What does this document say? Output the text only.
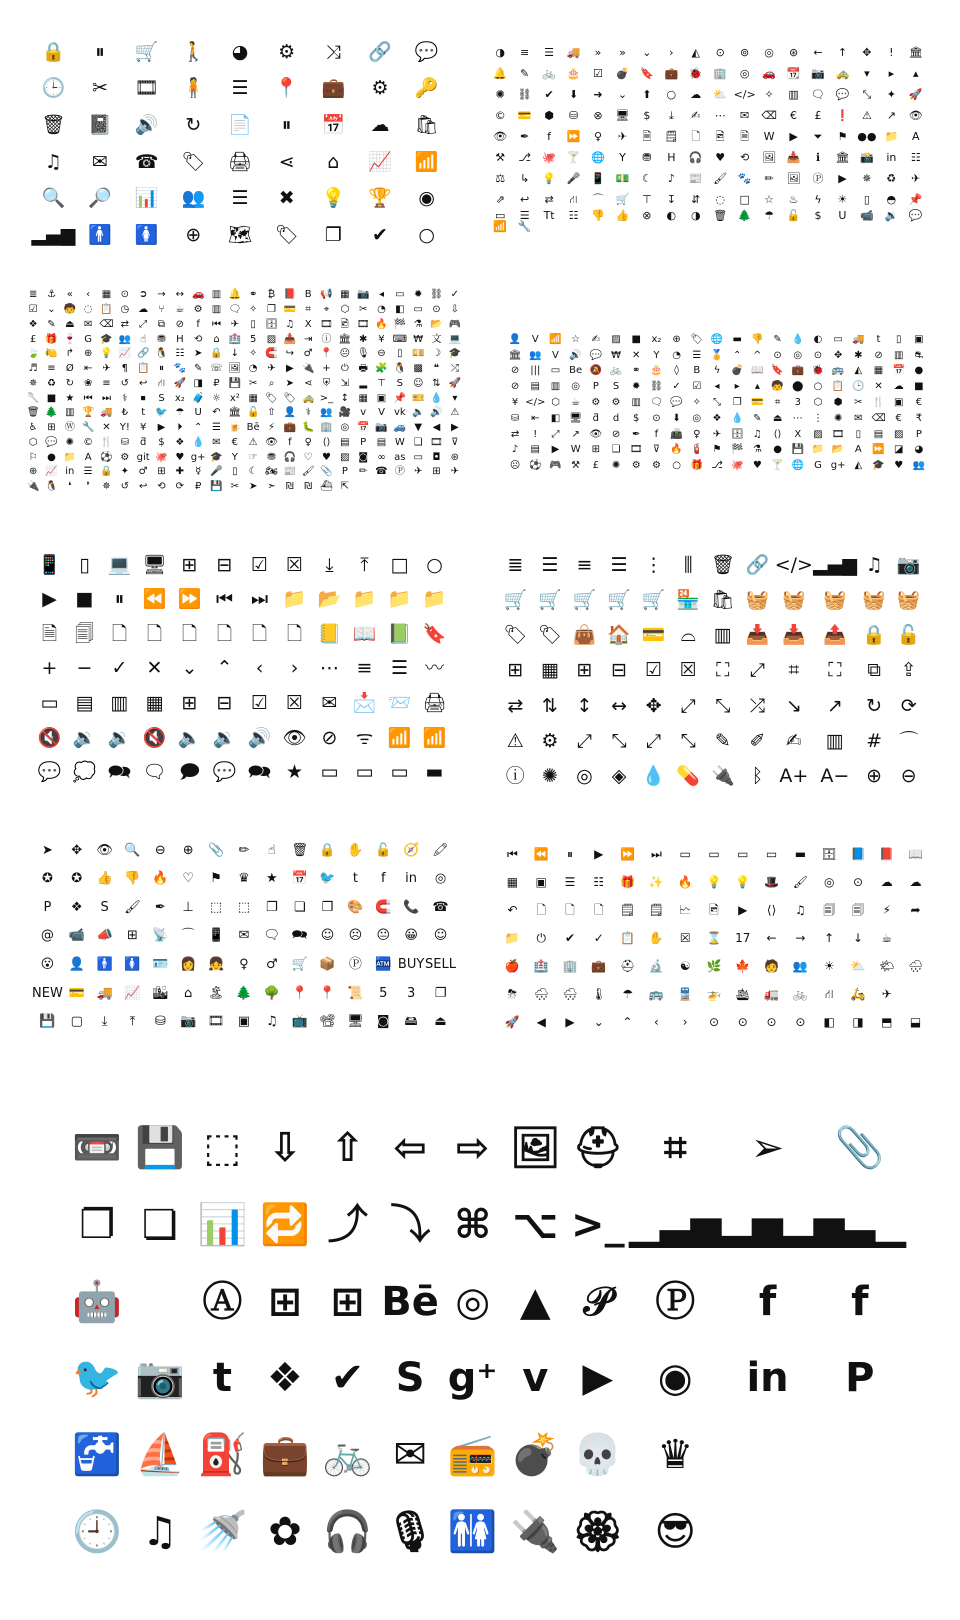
🔒 ⏸ 🛒 🚶 ◕ ⚙ ⤨ 🔗 💬
🕒 ✂ 🎞 🧍 ☰ 📍 💼 ⚙ 🔑
🗑 📓 🔊 ↻ 📄 ⏸ 📅 ☁ 🛍
♫ ✉ ☎ 🏷 🖨 ⋖ ⌂ 📈 📶
🔍 🔎 📊 👥 ☰ ✖ 💡 🏆 ◉
▂▄▆ 🚹 🚺 ⊕ 🗺 🏷 ❐ ✔ ○
◑ ≡ ☰ 🚚 » » ⌄ › ◭ ⊙ ⊚ ◎ ⊛ ← ↑ ✥ ! 🏛
🔔 ✎ 🚲 🎂 ☑ 💣 🔖 💼 🐞 🏢 ◎ 🚗 📆 📷 🚕 ▾ ▸ ▴
✺ ⛓ ✔ ⬇ ➜ ⌄ ⬆ ○ ☁ ⛅ </> ✧ ▥ 🗨 💬 ⤡ ✦ 🚀
© 💳 ⬢ ⛁ ⊗ 🖥 $ ⤓ ✍ ⋯ ✉ ⌫ € £ ❗ ⚠ ↗ 👁
👁 ✒ f ⏩ ♀ ✈ 🗎 🗒 🗋 🖻 🗎 W ▶ ⏷ ⚑ ●● 📁 A
⚒ ⎇ 🐙 🍸 🌐 Y ⛃ H 🎧 ♥ ⟲ 🖼 📥 ℹ 🏛 📸 in ☷
⚖ ↳ 💡 🎤 📱 💵 ☾ ♪ 📰 🖌 🐾 ✏ 🖼 Ⓟ ▶ ✵ ♻ ✈
⇗ ↩ ⇄ ⛙ ⌒ 🛒 ⊤ ↧ ⇵ ◌ □ ☆ ♨ ϟ ☀ ▯ ◓ 📌
▭ ☰ Tt ☷ 👎 👍 ⊗ ◐ ◑ 🗑 🌲 ☂ 🔓 $ U 📹 🔉 💬
📶 🔧
≣ ⚓ « ‹ ▦ ⊙ ➲ → ↔ 🚗 ▥ 🔔 ⚭ ₿ 📕 B 📢 ▦ 📷 ◂ ▭ ✹ ⛓ ✓
☑ ⌄ 🧒 ◌ 📋 ◷ ☁ ⑂ ☕ ⚙ ▥ 🗨 ✧ ❐ 💳 ⌗ ⌖ ⬡ ✂ ◔ ◧ ▭ ⊙ ⇩
❖ ✎ ⏏ ✉ ⌫ ⇄ ⤢ ⧉ ⊘ f ⏮ ✈ ▯ 🗄 ♫ X 🎞 🖻 🎞 🔥 🏁 ⚗ 📂 🎮
£ 🎁 🍷 G 🎓 👥 ☝ ⛃ H ⟲ ⌂ 🏥 5 ▨ 📥 ⇥ ⓘ 🏛 ✱ ¥ ⌨ ₩ 文 💻
🍃 🍋 ↱ ⊕ 💡 📈 🔗 🐧 ☷ ➤ 🔒 ↓ ✧ 🧲 ↪ ♂ 📍 😐 🎙 ⊖ ▯ 💴 ☽ 🎓
♬ ≡ Ø ⇤ ✈ ¶ 📋 ⏸ 🐾 ✎ ☏ 🖼 ◔ ✈ ▶ 🔌 + ⏻ 🖶 🧩 🐧 ▩ ❝ ⤮
✵ ♻ ↻ ❀ ≡ ↺ ↩ ⛙ 🚀 ◨ ₽ 💾 ✂ ⌕ ➤ ⋖ ⛨ ⇲ ▂ ⊤ S ☺ ⇅ 🚀
🥄 ■ ★ ⏮ ⏭ ⚕ ⏹ S x₂ 🧳 ☼ x² ▦ 🏷 🏷 🚕 >_ ↕ ▦ ▣ 📌 🎫 💧 ▾
🗑 🌲 ▥ 🏆 🚚 ₺ t 🐦 ☂ U ↶ 🏛 🔓 ⇧ 👤 ⚕ 👥 🎥 v V vk 🔈 🔊 ⚠
♿ ⊞ Ⓦ 🔧 ✕ Y! ¥ ▶ ⏵ ⌃ ☰ 🍺 Bē ⚡ 💼 🐛 🏢 ◎ 📅 📷 🚙 ▼ ◀ ▶
⬡ 💬 ✺ © 🍴 ⛁ ƌ $ ❖ 💧 ✉ € ⚠ 👁 f ♀ ⟨⟩ ▤ P ▤ W ❏ 🎞 ⊽
⚐ ● 📁 A ⚽ ⚙ git 🐙 ♥ g+ 🎓 Y ☞ ⛃ 🎧 ♡ ♥ ▨ ◙ ∞ as ▭ ◘ ⊛
⊕ 📈 in ☰ 🔒 ✦ ♂ ⊞ ✚ ☿ 🎤 ▯ ☾ 🏍 📰 🖌 📎 P ✏ ☎ Ⓟ ✈ ⊞ ✈
🔌 🐧 ❛ ❜ ✵ ↺ ↩ ⟲ ⟳ ₽ 💾 ✂ ➤ ➣ ₪ ₪ ⛴ ⇱
👤 V 📶 ☆ ✍ ▨ ■ x₂ ⊕ 🏷 🌐 ▬ 👎 ✎ 💧 ◐ ▭ 🚚 t ▯ ▣
🏛 👥 V 🔊 💬 ₩ ✕ Y ◔ ☰ 🏅 ⌃ ^ ⊙ ◎ ⊙ ✥ ✱ ⊘ ▥ ⛐
⊘ ||| ▭ Be 🔕 🚲 ⚭ 🎂 ◊ B ϟ 💣 📖 🔖 💼 🐞 🚌 ◭ ▦ 📅 ●
⊘ ▤ ▥ ◎ P S ✹ ⛓ ✓ ☑ ◂ ▸ ▴ 🧒 ⬤ ○ 📋 🕒 ✕ ☁ ■
¥ </> ⬡ ☕ ⚙ ⚙ ▥ 🗨 💬 ✧ ⤡ ❐ 💳 ⌗ 3 ⬡ ⬢ ✂ 🍴 ▣ €
⛁ ⇤ ◧ 🖥 ƌ d $ ⊙ ⬇ ◎ ❖ 💧 ✎ ⏏ ⋯ ⋮ ✺ ✉ ⌫ € ₹
⇄ ! ⤢ ↗ 👁 ⊘ ✒ f 📠 ♀ ✈ 🗄 ♫ ⟨⟩ X ▨ 🎞 ▯ ▤ ▨ P
♪ ▤ ▶ W ⊞ ❏ 🎞 ⊽ 🔥 🧯 ⚑ 🏁 ⚗ ● 💾 📁 📂 A ⏩ ◪ ◕
☹ ⚽ 🎮 ⚒ £ ✺ ⚙ ⚙ ○ 🎁 ⎇ 🐙 ♥ 🍸 🌐 G g+ ◭ 🎓 ♥ 👥
📱 ▯ 💻 🖥 ⊞ ⊟ ☑ ☒ ⤓ ⤒ □ ○
▶ ■ ⏸ ⏪ ⏩ ⏮ ⏭ 📁 📂 📁 📁 📁
🗎 🗐 🗋 🗋 🗋 🗋 🗋 🗋 📒 📖 📗 🔖
+ − ✓ ✕ ⌄ ⌃ ‹ › ⋯ ≡ ☰ 〰
▭ ▤ ▥ ▦ ⊞ ⊟ ☑ ☒ ✉ 📩 📨 🖨
🔇 🔉 🔉 🔇 🔈 🔉 🔊 👁 ⊘ ᯤ 📶 📶
💬 💭 🗪 🗨 🗩 💬 🗪 ★ ▭ ▭ ▭ ▬
≣ ☰ ≡ ☰ ⋮ ⫼ 🗑 🔗 </> ▂▄▆ ♫ 📷
🛒 🛒 🛒 🛒 🛒 🏪 🛍 🧺 🧺 🧺 🧺 🧺
🏷 🏷 👜 🏠 💳 ⌓ ▥ 📥 📥 📤 🔒 🔓
⊞ ▦ ⊞ ⊟ ☑ ☒ ⛶ ⤢ ⌗ ⛶ ⧉ ⇪
⇄ ⇅ ↕ ↔ ✥ ⤢ ⤡ ⤮ ↘ ↗ ↻ ⟳
⚠ ⚙ ⤢ ⤡ ⤢ ⤡ ✎ ✐ ✍ ▥ # ⌒
ⓘ ✺ ◎ ◈ 💧 💊 🔌 ᛒ A+ A− ⊕ ⊖
➤ ✥ 👁 🔍 ⊖ ⊕ 📎 ✏ ☝ 🗑 🔒 ✋ 🔓 🧭 🖍
✪ ✪ 👍 👎 🔥 ♡ ⚑ ♛ ★ 📅 🐦 t f in ◎
P ❖ S 🖌 ✒ ⊥ ⬚ ⬚ ❐ ❏ ❒ 🎨 🧲 📞 ☎
@ 📹 📣 ⊞ 📡 ⌒ 📱 ✉ 🗨 🗪 ☺ ☹ 😐 😀 ☺
😮 👤 🚹 🚺 🪪 👩 👧 ♀ ♂ 🛒 📦 Ⓟ 🏧 BUY SELL
NEW 💳 🚚 📈 🏙 ⌂ 🏝 🌲 🌳 📍 📍 📜 5 3 ❐
💾 ▢ ⤓ ⤒ ⛁ 📷 🎞 ▣ ♫ 📺 📽 🖥 ◙ 🖴 ⏏
⏮ ⏪ ⏸ ▶ ⏩ ⏭ ▭ ▭ ▭ ▭ ▬ 🗄 📘 📕 📖
▦ ▣ ☰ ☷ 🎁 ✨ 🔥 💡 💡 🎩 🖌 ◎ ⊙ ☁ ☁
↶ 🗋 🗋 🗋 🗒 🗒 🗠 🖻 ▶ ⟨⟩ ♫ 🗐 🗐 ⚡ ➦
📁 ⏻ ✔ ✓ 📋 ✋ ☒ ⌛ 17 ← → ↑ ↓ ☕
🍎 🏥 🏢 💼 ⛑ 🔬 ☯ 🌿 🍁 🧑 👥 ☀ ⛅ 🌤 🌧
⛈ 🌨 🌨 🌡 ☂ 🚌 🚆 🚁 🛳 🚛 🚲 ⛙ 🛵 ✈
🚀 ◀ ▶ ⌄ ⌃ ‹ › ⊙ ⊙ ⊙ ⊙ ◧ ◨ ⬒ ⬓
📼 💾 ⬚ ⇩ ⇧ ⇦ ⇨ 🖼 ⛑ ⌗ ➢ 📎
❐ ❏ 📊 🔁 ⤴ ⤵ ⌘ ⌥ >_ ▁▃▅ ▂▅▂ ▅▃▁
🤖 Ⓐ ⊞ ⊞ Bē ◎ ▲ 𝒫 Ⓟ f f
🐦 📷 t ❖ ✔ S g⁺ v ▶ ◉ in P
🚰 ⛵ ⛽ 💼 🚲 ✉ 📻 💣 💀 ♛
🕘 ♫ 🚿 ✿ 🎧 🎙 🚻 🔌 🏵 😎
